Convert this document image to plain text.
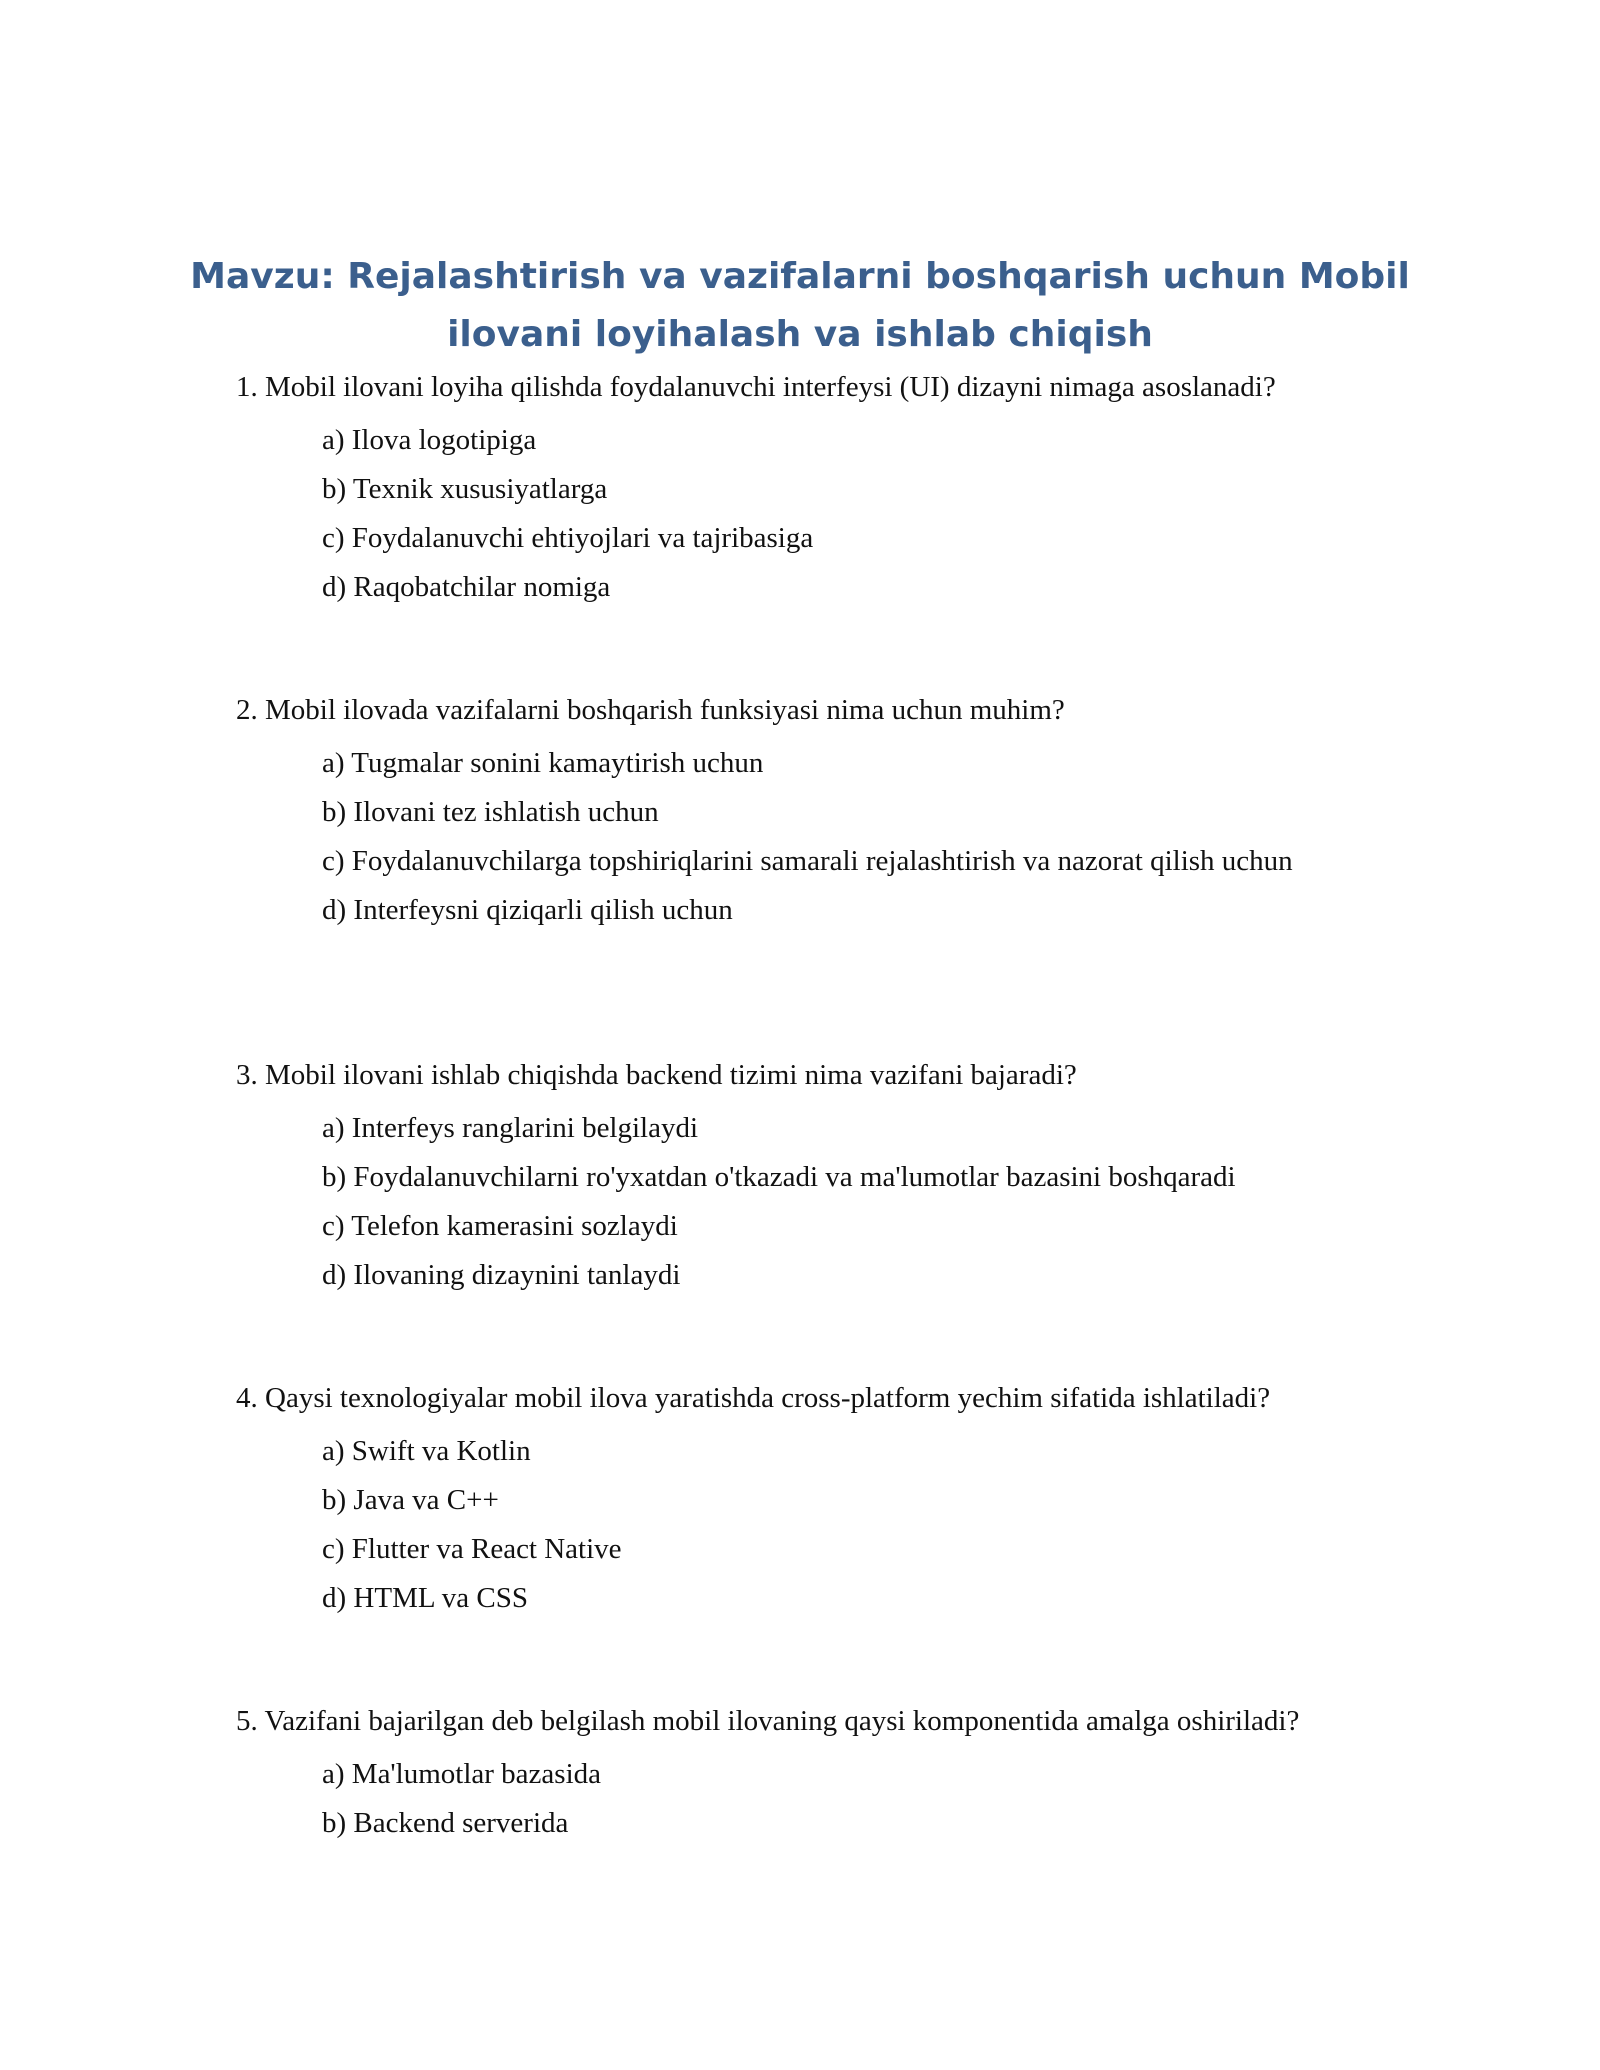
Mavzu: Rejalashtirish va vazifalarni boshqarish uchun Mobil
ilovani loyihalash va ishlab chiqish

1. Mobil ilovani loyiha qilishda foydalanuvchi interfeysi (UI) dizayni nimaga asoslanadi?

a) Ilova logotipiga
b) Texnik xususiyatlarga
c) Foydalanuvchi ehtiyojlari va tajribasiga
d) Raqobatchilar nomiga

2. Mobil ilovada vazifalarni boshqarish funksiyasi nima uchun muhim?

a) Tugmalar sonini kamaytirish uchun
b) Ilovani tez ishlatish uchun
c) Foydalanuvchilarga topshiriqlarini samarali rejalashtirish va nazorat qilish uchun
d) Interfeysni qiziqarli qilish uchun

3. Mobil ilovani ishlab chiqishda backend tizimi nima vazifani bajaradi?

a) Interfeys ranglarini belgilaydi
b) Foydalanuvchilarni ro'yxatdan o'tkazadi va ma'lumotlar bazasini boshqaradi
c) Telefon kamerasini sozlaydi
d) Ilovaning dizaynini tanlaydi

4. Qaysi texnologiyalar mobil ilova yaratishda cross-platform yechim sifatida ishlatiladi?

a) Swift va Kotlin
b) Java va C++
c) Flutter va React Native
d) HTML va CSS

5. Vazifani bajarilgan deb belgilash mobil ilovaning qaysi komponentida amalga oshiriladi?

a) Ma'lumotlar bazasida
b) Backend serverida
